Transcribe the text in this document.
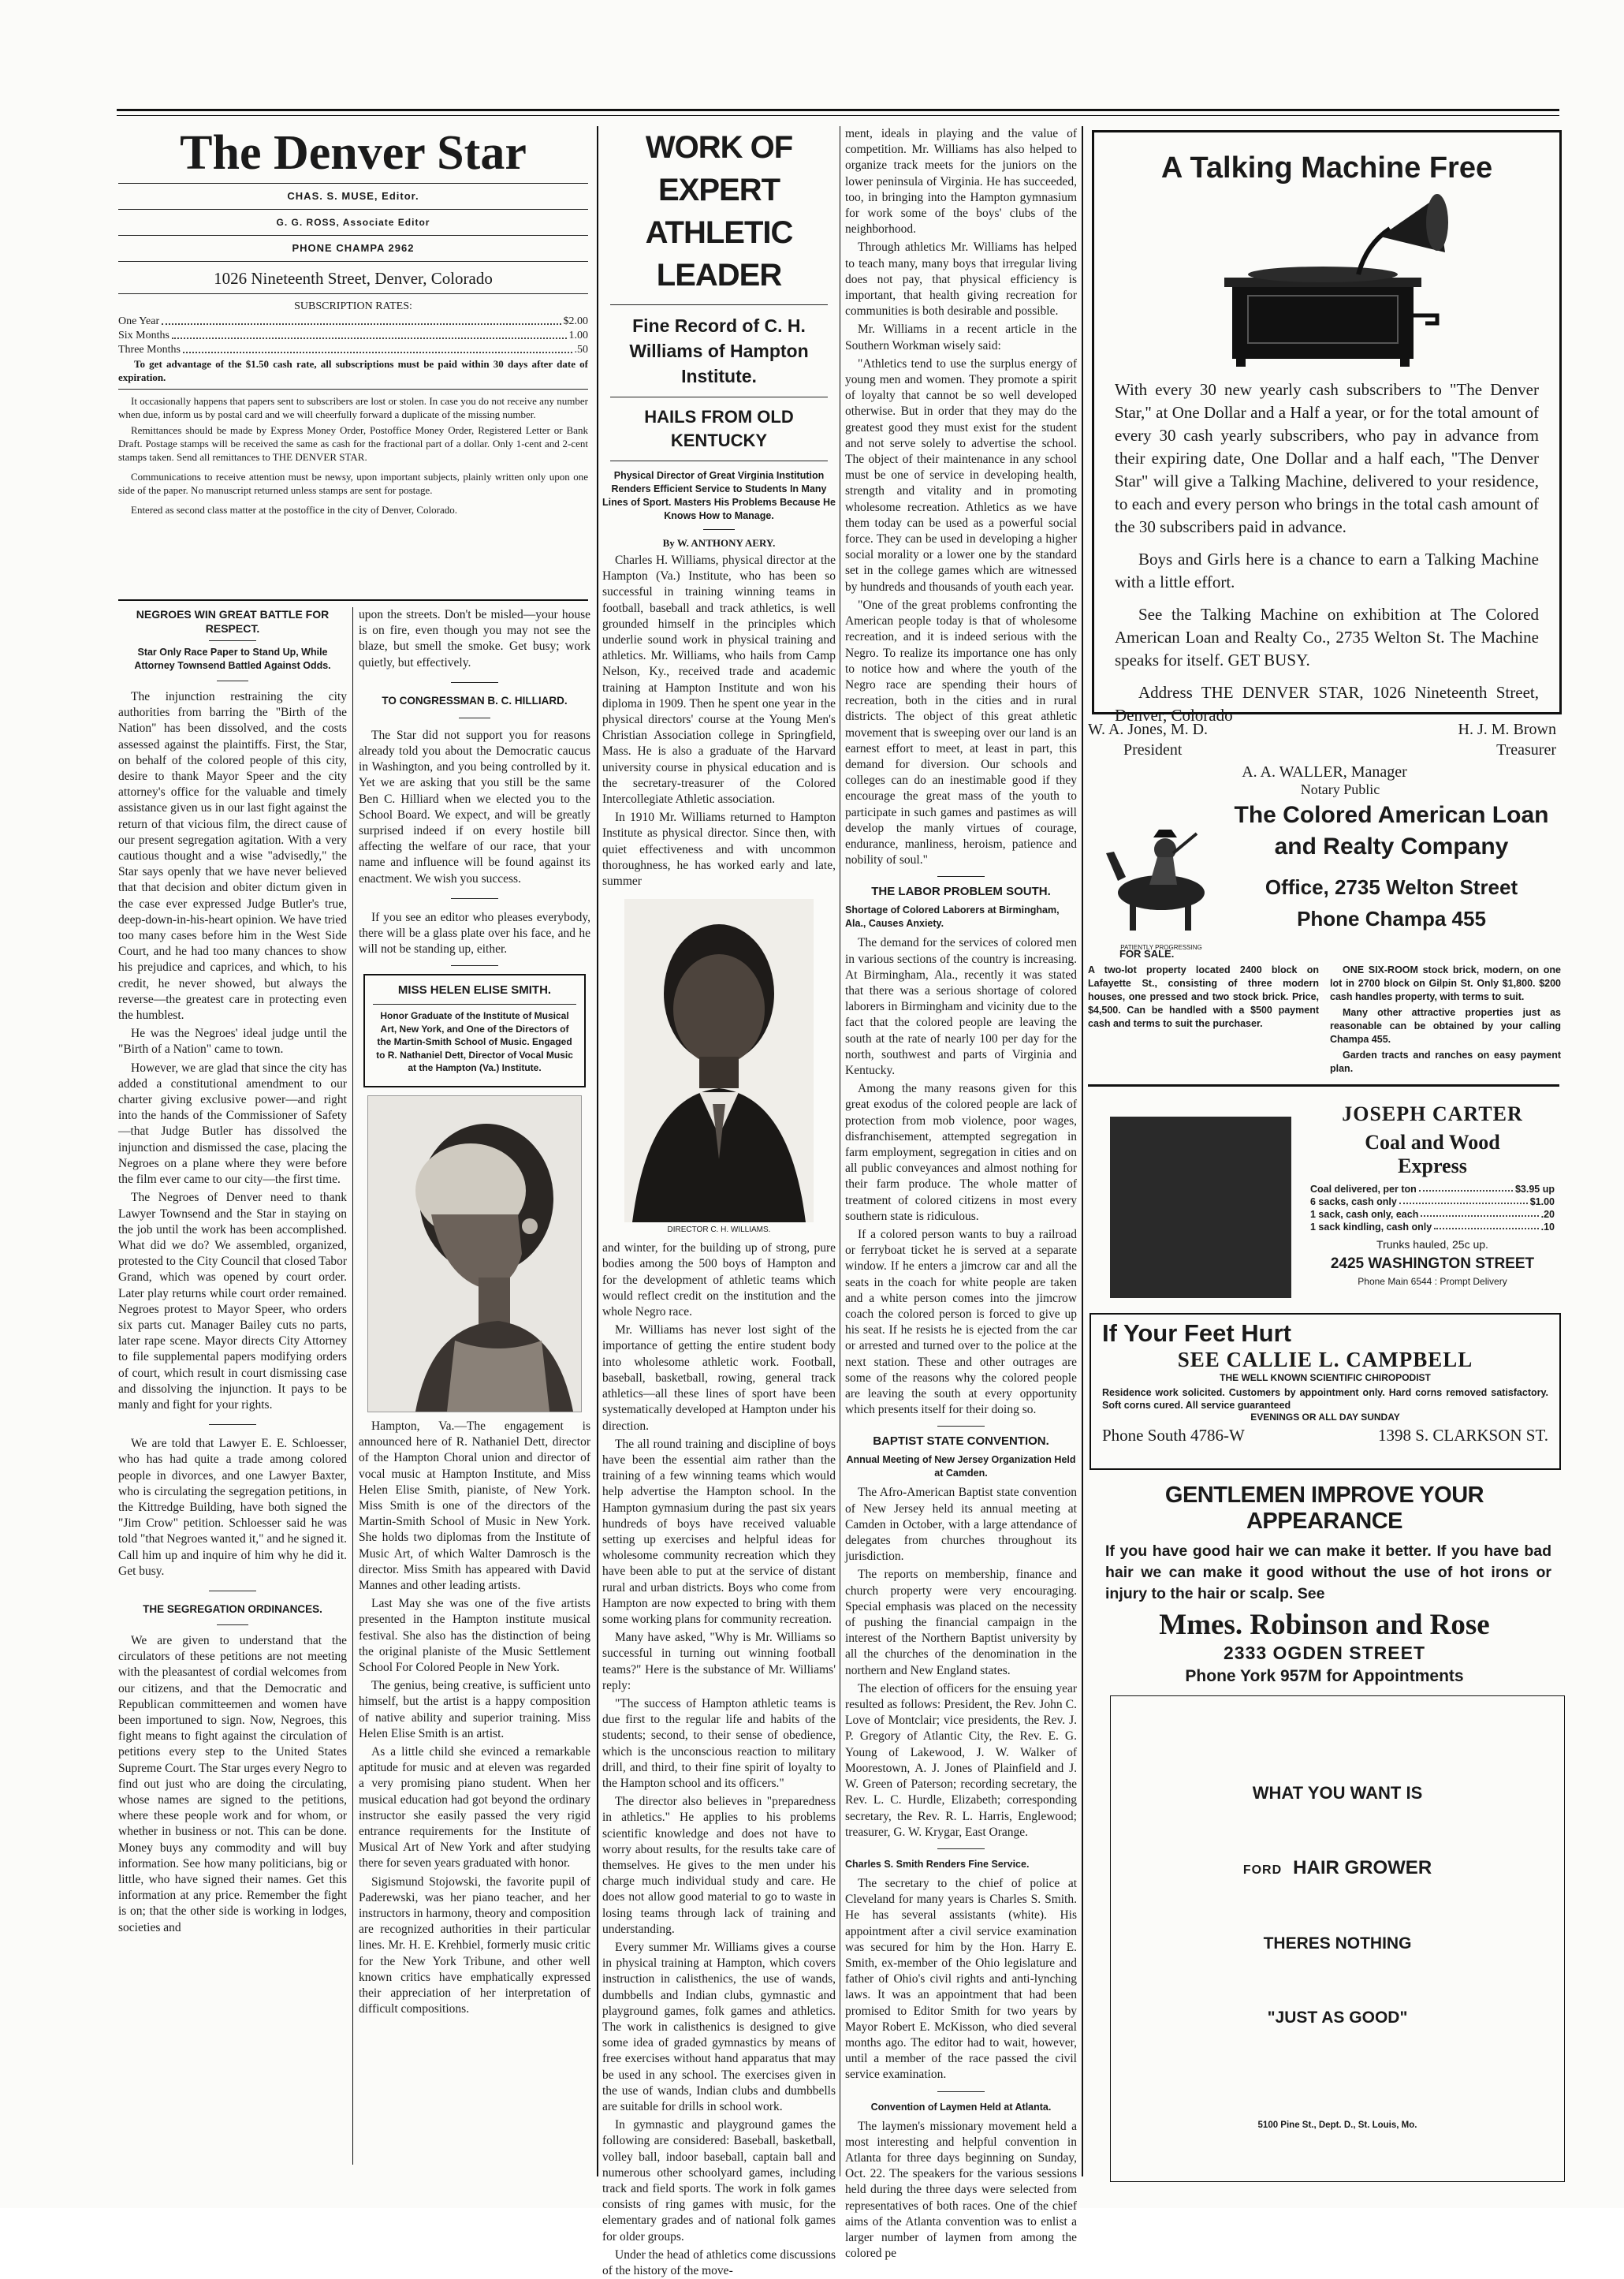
The Denver Star
CHAS. S. MUSE, Editor.
G. G. ROSS, Associate Editor
PHONE CHAMPA 2962
1026 Nineteenth Street, Denver, Colorado
SUBSCRIPTION RATES:
One Year	$2.00
Six Months	1.00
Three Months	.50

To get advantage of the $1.50 cash rate, all subscriptions must be paid within 30 days after date of expiration.

It occasionally happens that papers sent to subscribers are lost or stolen. In case you do not receive any number when due, inform us by postal card and we will cheerfully forward a duplicate of the missing number.

Remittances should be made by Express Money Order, Postoffice Money Order, Registered Letter or Bank Draft. Postage stamps will be received the same as cash for the fractional part of a dollar. Only 1-cent and 2-cent stamps taken. Send all remittances to THE DENVER STAR.

Communications to receive attention must be newsy, upon important subjects, plainly written only upon one side of the paper. No manuscript returned unless stamps are sent for postage.

Entered as second class matter at the postoffice in the city of Denver, Colorado.

NEGROES WIN GREAT BATTLE FOR RESPECT.
Star Only Race Paper to Stand Up, While Attorney Townsend Battled Against Odds.

The injunction restraining the city authorities from barring the "Birth of the Nation" has been dissolved, and the costs assessed against the plaintiffs. First, the Star, on behalf of the colored people of this city, desire to thank Mayor Speer and the city attorney's office for the valuable and timely assistance given us in our last fight against the return of that vicious film, the direct cause of our present segregation agitation. With a very cautious thought and a wise "advisedly," the Star says openly that we have never believed that that decision and obiter dictum given in the case ever expressed Judge Butler's true, deep-down-in-his-heart opinion. We have tried too many cases before him in the West Side Court, and he had too many chances to show his prejudice and caprices, and which, to his credit, he never showed, but always the reverse—the greatest care in protecting even the humblest.

He was the Negroes' ideal judge until the "Birth of a Nation" came to town.

However, we are glad that since the city has added a constitutional amendment to our charter giving exclusive power—and right into the hands of the Commissioner of Safety—that Judge Butler has dissolved the injunction and dismissed the case, placing the Negroes on a plane where they were before the film ever came to our city—the first time.

The Negroes of Denver need to thank Lawyer Townsend and the Star in staying on the job until the work has been accomplished. What did we do? We assembled, organized, protested to the City Council that closed Tabor Grand, which was opened by court order. Later play returns while court order remained. Negroes protest to Mayor Speer, who orders six parts cut. Manager Bailey cuts no parts, later rape scene. Mayor directs City Attorney to file supplemental papers modifying orders of court, which result in court dismissing case and dissolving the injunction. It pays to be manly and fight for your rights.

We are told that Lawyer E. E. Schloesser, who has had quite a trade among colored people in divorces, and one Lawyer Baxter, who is circulating the segregation petitions, in the Kittredge Building, have both signed the "Jim Crow" petition. Schloesser said he was told "that Negroes wanted it," and he signed it. Call him up and inquire of him why he did it. Get busy.

THE SEGREGATION ORDINANCES.

We are given to understand that the circulators of these petitions are not meeting with the pleasantest of cordial welcomes from our citizens, and that the Democratic and Republican committeemen and women have been importuned to sign. Now, Negroes, this fight means to fight against the circulation of petitions every step to the United States Supreme Court. The Star urges every Negro to find out just who are doing the circulating, whose names are signed to the petitions, where these people work and for whom, or whether in business or not. This can be done. Money buys any commodity and will buy information. See how many politicians, big or little, who have signed their names. Get this information at any price. Remember the fight is on; that the other side is working in lodges, societies and

upon the streets. Don't be misled—your house is on fire, even though you may not see the blaze, but smell the smoke. Get busy; work quietly, but effectively.

TO CONGRESSMAN B. C. HILLIARD.

The Star did not support you for reasons already told you about the Democratic caucus in Washington, and you being controlled by it. Yet we are asking that you still be the same Ben C. Hilliard when we elected you to the School Board. We expect, and will be greatly surprised indeed if on every hostile bill affecting the welfare of our race, that your name and influence will be found against its enactment. We wish you success.

If you see an editor who pleases everybody, there will be a glass plate over his face, and he will not be standing up, either.

MISS HELEN ELISE SMITH.
Honor Graduate of the Institute of Musical Art, New York, and One of the Directors of the Martin-Smith School of Music. Engaged to R. Nathaniel Dett, Director of Vocal Music at the Hampton (Va.) Institute.

Hampton, Va.—The engagement is announced here of R. Nathaniel Dett, director of the Hampton Choral union and director of vocal music at Hampton Institute, and Miss Helen Elise Smith, pianiste, of New York. Miss Smith is one of the directors of the Martin-Smith School of Music in New York. She holds two diplomas from the Institute of Music Art, of which Walter Damrosch is the director. Miss Smith has appeared with David Mannes and other leading artists.

Last May she was one of the five artists presented in the Hampton institute musical festival. She also has the distinction of being the original planiste of the Music Settlement School For Colored People in New York.

The genius, being creative, is sufficient unto himself, but the artist is a happy composition of native ability and superior training. Miss Helen Elise Smith is an artist.

As a little child she evinced a remarkable aptitude for music and at eleven was regarded a very promising piano student. When her musical education had got beyond the ordinary instructor she easily passed the very rigid entrance requirements for the Institute of Musical Art of New York and after studying there for seven years graduated with honor.

Sigismund Stojowski, the favorite pupil of Paderewski, was her piano teacher, and her instructors in harmony, theory and composition are recognized authorities in their particular lines. Mr. H. E. Krehbiel, formerly music critic for the New York Tribune, and other well known critics have emphatically expressed their appreciation of her interpretation of difficult compositions.

WORK OF EXPERT ATHLETIC LEADER
Fine Record of C. H. Williams of Hampton Institute.
HAILS FROM OLD KENTUCKY
Physical Director of Great Virginia Institution Renders Efficient Service to Students In Many Lines of Sport. Masters His Problems Because He Knows How to Manage.
By W. ANTHONY AERY.

Charles H. Williams, physical director at the Hampton (Va.) Institute, who has been so successful in training winning teams in football, baseball and track athletics, is well grounded himself in the principles which underlie sound work in physical training and athletics. Mr. Williams, who hails from Camp Nelson, Ky., received trade and academic training at Hampton Institute and won his diploma in 1909. Then he spent one year in the physical directors' course at the Young Men's Christian Association college in Springfield, Mass. He is also a graduate of the Harvard university course in physical education and is the secretary-treasurer of the Colored Intercollegiate Athletic association.

In 1910 Mr. Williams returned to Hampton Institute as physical director. Since then, with quiet effectiveness and with uncommon thoroughness, he has worked early and late, summer

DIRECTOR C. H. WILLIAMS.

and winter, for the building up of strong, pure bodies among the 500 boys of Hampton and for the development of athletic teams which would reflect credit on the institution and the whole Negro race.

Mr. Williams has never lost sight of the importance of getting the entire student body into wholesome athletic work. Football, baseball, basketball, rowing, general track athletics—all these lines of sport have been systematically developed at Hampton under his direction.

The all round training and discipline of boys have been the essential aim rather than the training of a few winning teams which would help advertise the Hampton school. In the Hampton gymnasium during the past six years hundreds of boys have received valuable setting up exercises and helpful ideas for wholesome community recreation which they have been able to put at the service of distant rural and urban districts. Boys who come from Hampton are now expected to bring with them some working plans for community recreation.

Many have asked, "Why is Mr. Williams so successful in turning out winning football teams?" Here is the substance of Mr. Williams' reply:

"The success of Hampton athletic teams is due first to the regular life and habits of the students; second, to their sense of obedience, which is the unconscious reaction to military drill, and third, to their fine spirit of loyalty to the Hampton school and its officers."

The director also believes in "preparedness in athletics." He applies to his problems scientific knowledge and does not have to worry about results, for the results take care of themselves. He gives to the men under his charge much individual study and care. He does not allow good material to go to waste in losing teams through lack of training and understanding.

Every summer Mr. Williams gives a course in physical training at Hampton, which covers instruction in calisthenics, the use of wands, dumbbells and Indian clubs, gymnastic and playground games, folk games and athletics. The work in calisthenics is designed to give some idea of graded gymnastics by means of free exercises without hand apparatus that may be used in any school. The exercises given in the use of wands, Indian clubs and dumbbells are suitable for drills in school work.

In gymnastic and playground games the following are considered: Baseball, basketball, volley ball, indoor baseball, captain ball and numerous other schoolyard games, including track and field sports. The work in folk games consists of ring games with music, for the elementary grades and of national folk games for older groups.

Under the head of athletics come discussions of the history of the move-

ment, ideals in playing and the value of competition. Mr. Williams has also helped to organize track meets for the juniors on the lower peninsula of Virginia. He has succeeded, too, in bringing into the Hampton gymnasium for work some of the boys' clubs of the neighborhood.

Through athletics Mr. Williams has helped to teach many, many boys that irregular living does not pay, that physical efficiency is important, that health giving recreation for communities is both desirable and possible.

Mr. Williams in a recent article in the Southern Workman wisely said:

"Athletics tend to use the surplus energy of young men and women. They promote a spirit of loyalty that cannot be so well developed otherwise. But in order that they may do the greatest good they must exist for the student and not serve solely to advertise the school. The object of their maintenance in any school must be one of service in developing health, strength and vitality and in promoting wholesome recreation. Athletics as we have them today can be used as a powerful social force. They can be used in developing a higher social morality or a lower one by the standard set in the college games which are witnessed by hundreds and thousands of youth each year.

"One of the great problems confronting the American people today is that of wholesome recreation, and it is indeed serious with the Negro. To realize its importance one has only to notice how and where the youth of the Negro race are spending their hours of recreation, both in the cities and in rural districts. The object of this great athletic movement that is sweeping over our land is an earnest effort to meet, at least in part, this demand for diversion. Our schools and colleges can do an inestimable good if they encourage the great mass of the youth to participate in such games and pastimes as will develop the manly virtues of courage, endurance, manliness, heroism, patience and nobility of soul."

THE LABOR PROBLEM SOUTH.
Shortage of Colored Laborers at Birmingham, Ala., Causes Anxiety.

The demand for the services of colored men in various sections of the country is increasing. At Birmingham, Ala., recently it was stated that there was a serious shortage of colored laborers in Birmingham and vicinity due to the fact that the colored people are leaving the south at the rate of nearly 100 per day for the north, southwest and parts of Virginia and Kentucky.

Among the many reasons given for this great exodus of the colored people are lack of protection from mob violence, poor wages, disfranchisement, attempted segregation in farm employment, segregation in cities and on all public conveyances and almost nothing for their farm produce. The whole matter of treatment of colored citizens in most every southern state is ridiculous.

If a colored person wants to buy a railroad or ferryboat ticket he is served at a separate window. If he enters a jimcrow car and all the seats in the coach for white people are taken and a white person comes into the jimcrow coach the colored person is forced to give up his seat. If he resists he is ejected from the car or arrested and turned over to the police at the next station. These and other outrages are some of the reasons why the colored people are leaving the south at every opportunity which presents itself for their doing so.

BAPTIST STATE CONVENTION.
Annual Meeting of New Jersey Organization Held at Camden.

The Afro-American Baptist state convention of New Jersey held its annual meeting at Camden in October, with a large attendance of delegates from churches throughout its jurisdiction.

The reports on membership, finance and church property were very encouraging. Special emphasis was placed on the necessity of pushing the financial campaign in the interest of the Northern Baptist university by all the churches of the denomination in the northern and New England states.

The election of officers for the ensuing year resulted as follows: President, the Rev. John C. Love of Montclair; vice presidents, the Rev. J. P. Gregory of Atlantic City, the Rev. E. G. Young of Lakewood, J. W. Walker of Moorestown, A. J. Jones of Plainfield and J. W. Green of Paterson; recording secretary, the Rev. L. C. Hurdle, Elizabeth; corresponding secretary, the Rev. R. L. Harris, Englewood; treasurer, G. W. Krygar, East Orange.

Charles S. Smith Renders Fine Service.

The secretary to the chief of police at Cleveland for many years is Charles S. Smith. He has several assistants (white). His appointment after a civil service examination was secured for him by the Hon. Harry E. Smith, ex-member of the Ohio legislature and father of Ohio's civil rights and anti-lynching laws. It was an appointment that had been promised to Editor Smith for two years by Mayor Robert E. McKisson, who died several months ago. The editor had to wait, however, until a member of the race passed the civil service examination.

Convention of Laymen Held at Atlanta.

The laymen's missionary movement held a most interesting and helpful convention in Atlanta for three days beginning on Sunday, Oct. 22. The speakers for the various sessions held during the three days were selected from representatives of both races. One of the chief aims of the Atlanta convention was to enlist a larger number of laymen from among the colored pe

A Talking Machine Free

With every 30 new yearly cash subscribers to "The Denver Star," at One Dollar and a Half a year, or for the total amount of every 30 cash yearly subscribers, who pay in advance from their expiring date, One Dollar and a half each, "The Denver Star" will give a Talking Machine, delivered to your residence, to each and every person who brings in the total cash amount of the 30 subscribers paid in advance.

Boys and Girls here is a chance to earn a Talking Machine with a little effort.

See the Talking Machine on exhibition at The Colored American Loan and Realty Co., 2735 Welton St. The Machine speaks for itself. GET BUSY.

Address THE DENVER STAR, 1026 Nineteenth Street, Denver, Colorado

W. A. Jones, M. D.
President
H. J. M. Brown
Treasurer
A. A. WALLER, Manager
Notary Public
PATIENTLY PROGRESSING
The Colored American Loan and Realty Company
Office, 2735 Welton Street
Phone Champa 455
FOR SALE.

A two-lot property located 2400 block on Lafayette St., consisting of three modern houses, one pressed and two stock brick. Price, $4,500. Can be handled with a $500 payment cash and terms to suit the purchaser.

ONE SIX-ROOM stock brick, modern, on one lot in 2700 block on Gilpin St. Only $1,800. $200 cash handles property, with terms to suit.

Many other attractive properties just as reasonable can be obtained by your calling Champa 455.

Garden tracts and ranches on easy payment plan.

JOSEPH CARTER
Coal and Wood
Express
Coal delivered, per ton	$3.95 up
6 sacks, cash only	$1.00
1 sack, cash only, each	.20
1 sack kindling, cash only	.10
Trunks hauled, 25c up.
2425 WASHINGTON STREET
Phone Main 6544 : Prompt Delivery
If Your Feet Hurt
SEE CALLIE L. CAMPBELL
THE WELL KNOWN SCIENTIFIC CHIROPODIST

Residence work solicited. Customers by appointment only. Hard corns removed satisfactory. Soft corns cured. All service guaranteed

EVENINGS OR ALL DAY SUNDAY
Phone South 4786-W	1398 S. CLARKSON ST.
GENTLEMEN IMPROVE YOUR APPEARANCE

If you have good hair we can make it better. If you have bad hair we can make it good without the use of hot irons or injury to the hair or scalp. See

Mmes. Robinson and Rose
2333 OGDEN STREET
Phone York 957M for Appointments
WHAT YOU WANT IS
FORD HAIR GROWER
THERES NOTHING
"JUST AS GOOD"
5100 Pine St., Dept. D., St. Louis, Mo.
